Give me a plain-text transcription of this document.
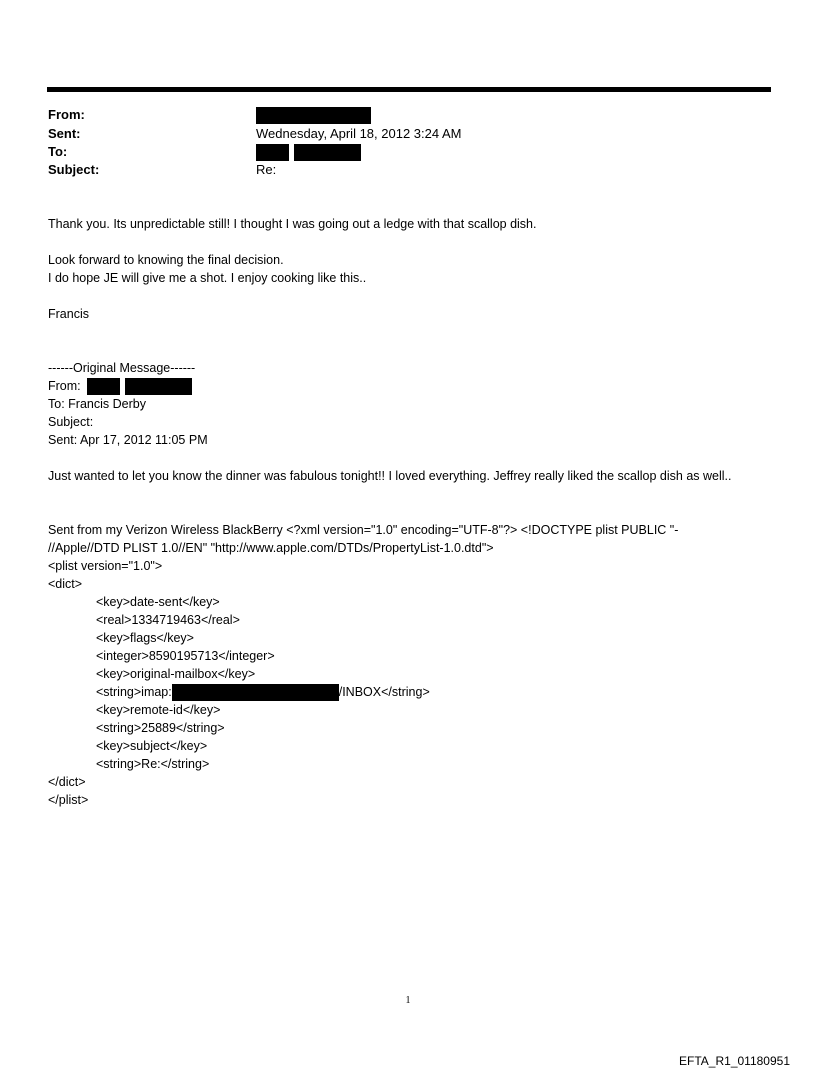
From:
Sent:	Wednesday, April 18, 2012 3:24 AM
To:

Subject:	Re:
Thank you. Its unpredictable still! I thought I was going out a ledge with that scallop dish.
Look forward to knowing the final decision.
I do hope JE will give me a shot. I enjoy cooking like this..
Francis
------Original Message------
From:
To: Francis Derby
Subject:
Sent: Apr 17, 2012 11:05 PM
Just wanted to let you know the dinner was fabulous tonight!! I loved everything. Jeffrey really liked the scallop dish as well..
Sent from my Verizon Wireless BlackBerry <?xml version="1.0" encoding="UTF-8"?> <!DOCTYPE plist PUBLIC "-
//Apple//DTD PLIST 1.0//EN" "http://www.apple.com/DTDs/PropertyList-1.0.dtd">
<plist version="1.0">
<dict>
<key>date-sent</key>
<real>1334719463</real>
<key>flags</key>
<integer>8590195713</integer>
<key>original-mailbox</key>
<string>imap:	/INBOX</string>
<key>remote-id</key>
<string>25889</string>
<key>subject</key>
<string>Re:</string>
</dict>
</plist>
1
EFTA_R1_01180951
